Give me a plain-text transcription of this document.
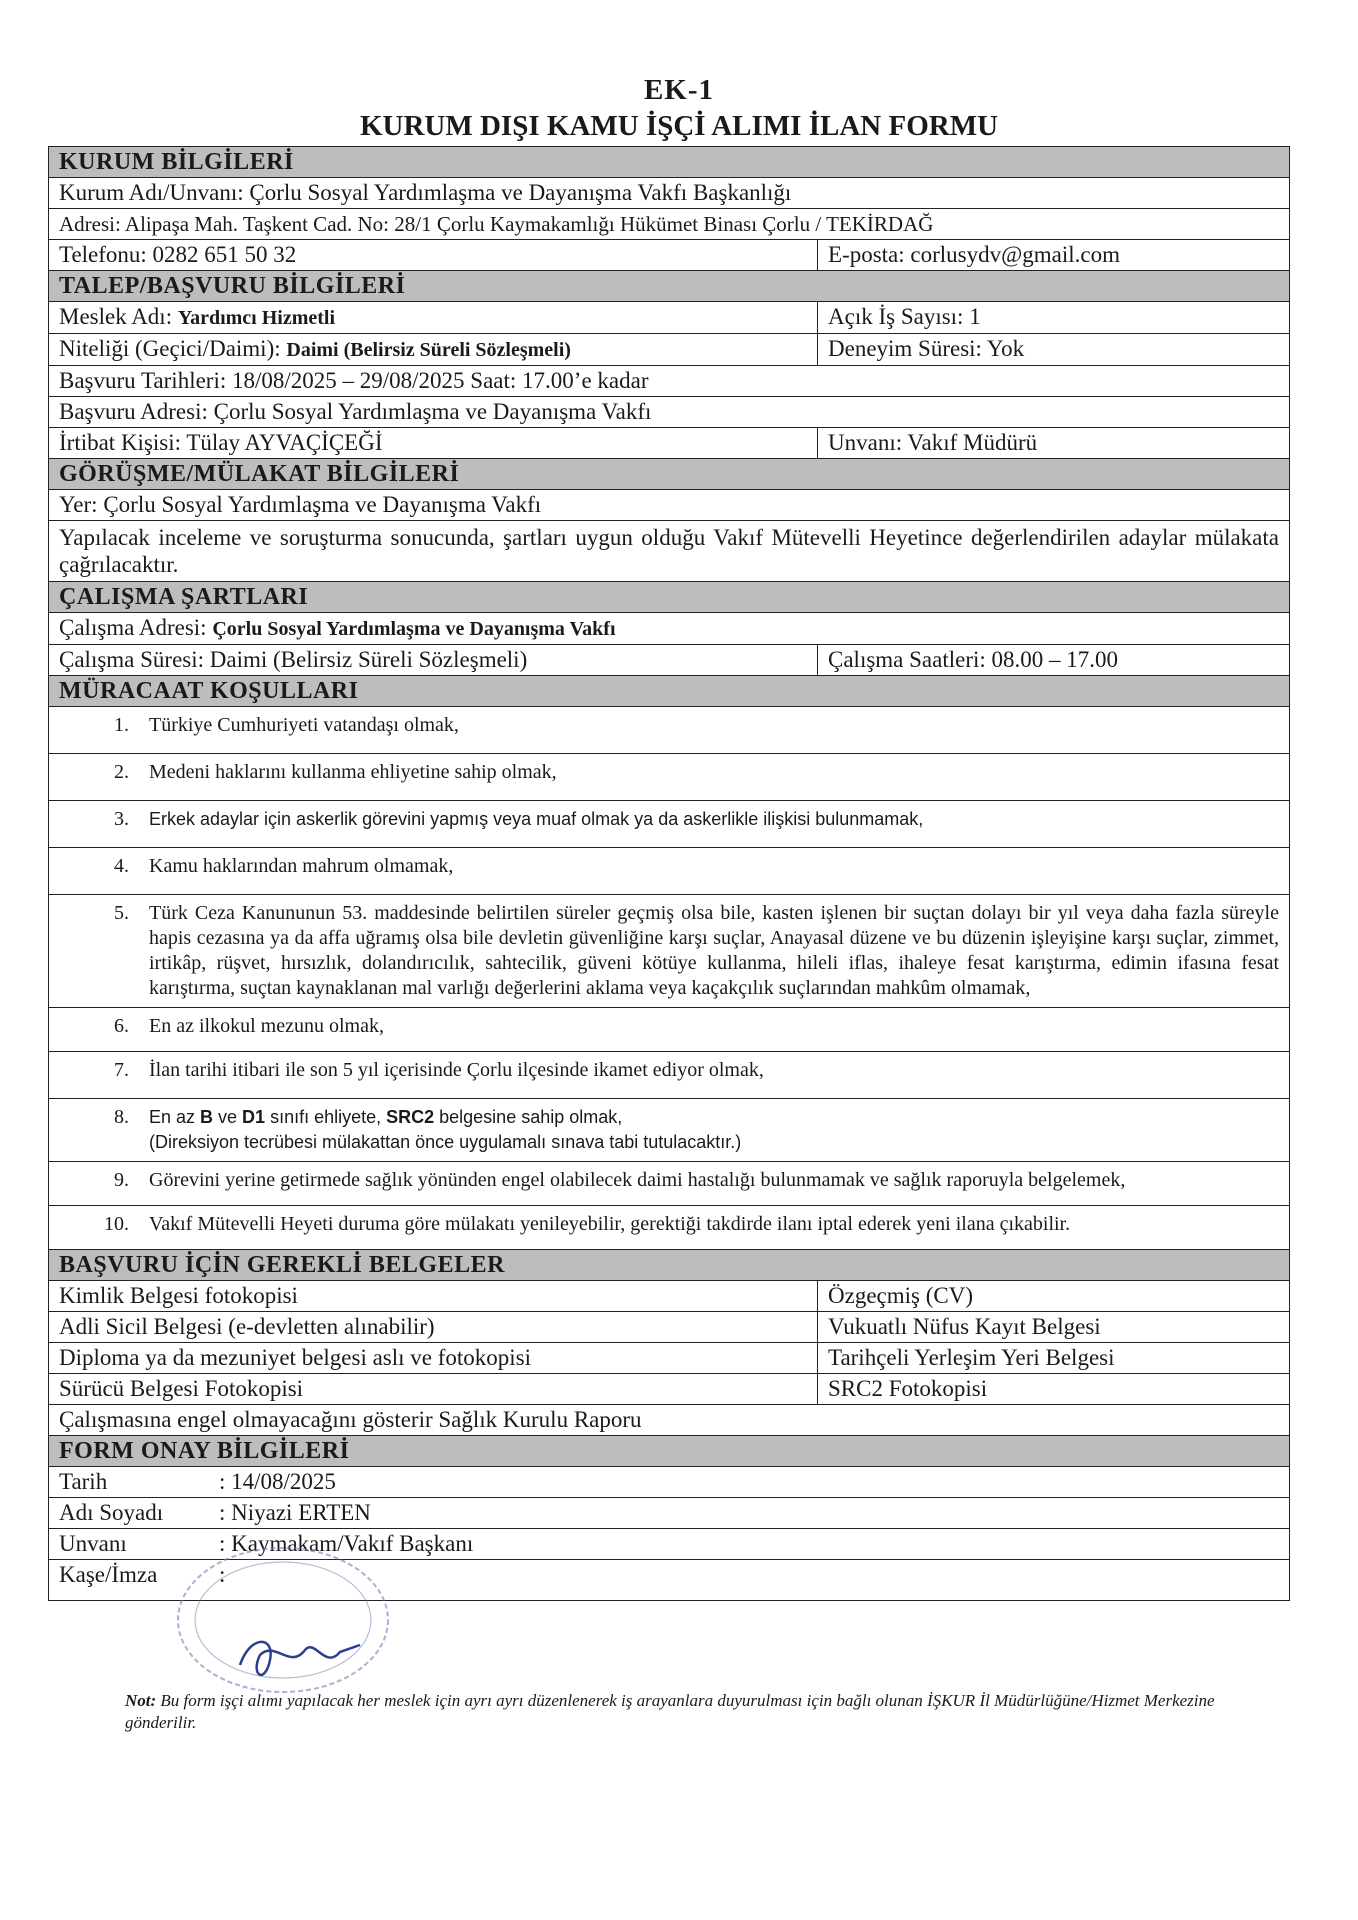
EK-1
KURUM DIŞI KAMU İŞÇİ ALIMI İLAN FORMU
KURUM BİLGİLERİ
Kurum Adı/Unvanı: Çorlu Sosyal Yardımlaşma ve Dayanışma Vakfı Başkanlığı
Adresi: Alipaşa Mah. Taşkent Cad. No: 28/1 Çorlu Kaymakamlığı Hükümet Binası Çorlu / TEKİRDAĞ
Telefonu: 0282 651 50 32	E-posta: corlusydv@gmail.com
TALEP/BAŞVURU BİLGİLERİ
Meslek Adı: Yardımcı Hizmetli	Açık İş Sayısı: 1
Niteliği (Geçici/Daimi): Daimi (Belirsiz Süreli Sözleşmeli)	Deneyim Süresi: Yok
Başvuru Tarihleri: 18/08/2025 – 29/08/2025 Saat: 17.00’e kadar
Başvuru Adresi: Çorlu Sosyal Yardımlaşma ve Dayanışma Vakfı
İrtibat Kişisi: Tülay AYVAÇİÇEĞİ	Unvanı: Vakıf Müdürü
GÖRÜŞME/MÜLAKAT BİLGİLERİ
Yer: Çorlu Sosyal Yardımlaşma ve Dayanışma Vakfı
Yapılacak inceleme ve soruşturma sonucunda, şartları uygun olduğu Vakıf Mütevelli Heyetince değerlendirilen adaylar mülakata çağrılacaktır.
ÇALIŞMA ŞARTLARI
Çalışma Adresi: Çorlu Sosyal Yardımlaşma ve Dayanışma Vakfı
Çalışma Süresi: Daimi (Belirsiz Süreli Sözleşmeli)	Çalışma Saatleri: 08.00 – 17.00
MÜRACAAT KOŞULLARI
1.	Türkiye Cumhuriyeti vatandaşı olmak,
2.	Medeni haklarını kullanma ehliyetine sahip olmak,
3.	Erkek adaylar için askerlik görevini yapmış veya muaf olmak ya da askerlikle ilişkisi bulunmamak,
4.	Kamu haklarından mahrum olmamak,
5.	Türk Ceza Kanununun 53. maddesinde belirtilen süreler geçmiş olsa bile, kasten işlenen bir suçtan dolayı bir yıl veya daha fazla süreyle hapis cezasına ya da affa uğramış olsa bile devletin güvenliğine karşı suçlar, Anayasal düzene ve bu düzenin işleyişine karşı suçlar, zimmet, irtikâp, rüşvet, hırsızlık, dolandırıcılık, sahtecilik, güveni kötüye kullanma, hileli iflas, ihaleye fesat karıştırma, edimin ifasına fesat karıştırma, suçtan kaynaklanan mal varlığı değerlerini aklama veya kaçakçılık suçlarından mahkûm olmamak,
6.	En az ilkokul mezunu olmak,
7.	İlan tarihi itibari ile son 5 yıl içerisinde Çorlu ilçesinde ikamet ediyor olmak,
8.	En az B ve D1 sınıfı ehliyete, SRC2 belgesine sahip olmak,
(Direksiyon tecrübesi mülakattan önce uygulamalı sınava tabi tutulacaktır.)
9.	Görevini yerine getirmede sağlık yönünden engel olabilecek daimi hastalığı bulunmamak ve sağlık raporuyla belgelemek,
10.	Vakıf Mütevelli Heyeti duruma göre mülakatı yenileyebilir, gerektiği takdirde ilanı iptal ederek yeni ilana çıkabilir.
BAŞVURU İÇİN GEREKLİ BELGELER
Kimlik Belgesi fotokopisi	Özgeçmiş (CV)
Adli Sicil Belgesi (e-devletten alınabilir)	Vukuatlı Nüfus Kayıt Belgesi
Diploma ya da mezuniyet belgesi aslı ve fotokopisi	Tarihçeli Yerleşim Yeri Belgesi
Sürücü Belgesi Fotokopisi	SRC2 Fotokopisi
Çalışmasına engel olmayacağını gösterir Sağlık Kurulu Raporu
FORM ONAY BİLGİLERİ
Tarih	: 14/08/2025
Adı Soyadı	: Niyazi ERTEN
Unvanı	: Kaymakam/Vakıf Başkanı
Kaşe/İmza	:
Not: Bu form işçi alımı yapılacak her meslek için ayrı ayrı düzenlenerek iş arayanlara duyurulması için bağlı olunan İŞKUR İl Müdürlüğüne/Hizmet Merkezine gönderilir.
